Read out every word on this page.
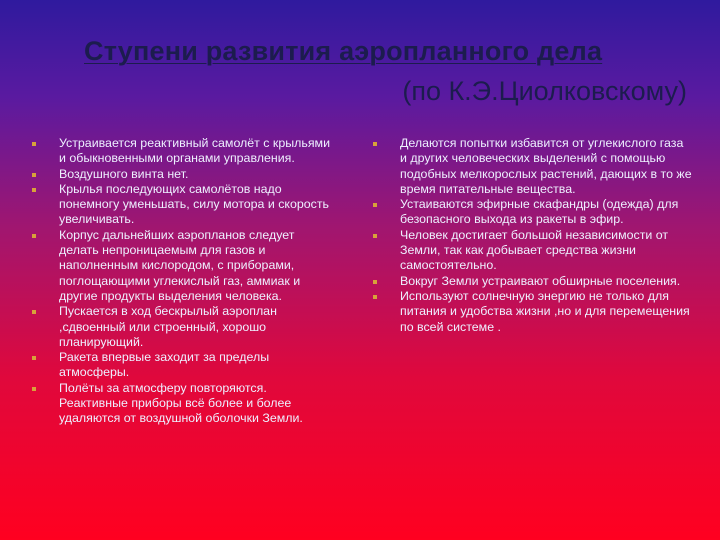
Ступени развития аэропланного дела
(по К.Э.Циолковскому)
Устраивается реактивный самолёт с крыльями и обыкновенными органами управления.
Воздушного винта нет.
Крылья последующих самолётов надо понемногу уменьшать, силу мотора и скорость увеличивать.
Корпус дальнейших аэропланов следует делать непроницаемым для газов и наполненным кислородом, с приборами, поглощающими углекислый газ, аммиак и другие продукты выделения человека.
Пускается в ход бескрылый аэроплан ,сдвоенный или строенный, хорошо планирующий.
Ракета впервые заходит за пределы атмосферы.
Полёты за атмосферу повторяются. Реактивные приборы всё более и более удаляются от воздушной оболочки Земли.
Делаются попытки избавится от углекислого газа и других человеческих выделений с помощью подобных мелкорослых растений, дающих в то же время питательные вещества.
Устаиваются эфирные скафандры (одежда) для безопасного выхода из ракеты в эфир.
Человек достигает большой независимости от Земли, так как добывает средства жизни самостоятельно.
Вокруг Земли устраивают обширные поселения.
Используют солнечную энергию не только для питания и удобства жизни ,но и для перемещения по всей системе .
